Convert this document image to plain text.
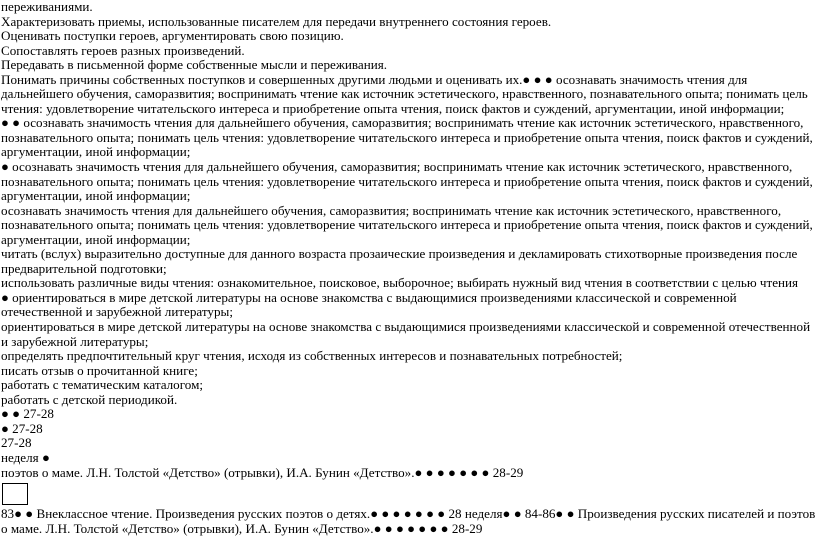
переживаниями.

Характеризовать приемы, использованные писателем для передачи внутреннего состояния героев.

Оценивать поступки героев, аргументировать свою позицию.

Сопоставлять героев разных произведений.

Передавать в письменной форме собственные мысли и переживания.

Понимать причины собственных поступков и совершенных другими людьми и оценивать их.● ● ● осознавать значимость чтения для дальнейшего обучения, саморазвития; воспринимать чтение как источник эстетического, нравственного, познавательного опыта; понимать цель чтения: удовлетворение читательского интереса и приобретение опыта чтения, поиск фактов и суждений, аргументации, иной информации;

● ● осознавать значимость чтения для дальнейшего обучения, саморазвития; воспринимать чтение как источник эстетического, нравственного, познавательного опыта; понимать цель чтения: удовлетворение читательского интереса и приобретение опыта чтения, поиск фактов и суждений, аргументации, иной информации;

● осознавать значимость чтения для дальнейшего обучения, саморазвития; воспринимать чтение как источник эстетического, нравственного, познавательного опыта; понимать цель чтения: удовлетворение читательского интереса и приобретение опыта чтения, поиск фактов и суждений, аргументации, иной информации;

осознавать значимость чтения для дальнейшего обучения, саморазвития; воспринимать чтение как источник эстетического, нравственного, познавательного опыта; понимать цель чтения: удовлетворение читательского интереса и приобретение опыта чтения, поиск фактов и суждений, аргументации, иной информации;

читать (вслух) выразительно доступные для данного возраста прозаические произведения и декламировать стихотворные произведения после предварительной подготовки;

использовать различные виды чтения: ознакомительное, поисковое, выборочное; выбирать нужный вид чтения в соответствии с целью чтения

● ориентироваться в мире детской литературы на основе знакомства с выдающимися произведениями классической и современной отечественной и зарубежной литературы;

ориентироваться в мире детской литературы на основе знакомства с выдающимися произведениями классической и современной отечественной и зарубежной литературы;

определять предпочтительный круг чтения, исходя из собственных интересов и познавательных потребностей;

писать отзыв о прочитанной книге;

работать с тематическим каталогом;

работать с детской периодикой.

● ● 27-28

● 27-28

27-28

неделя ●

поэтов о маме. Л.Н. Толстой «Детство» (отрывки), И.А. Бунин «Детство».● ● ● ● ● ● ● 28-29

83● ● Внеклассное чтение. Произведения русских поэтов о детях.● ● ● ● ● ● ● 28 неделя● ● 84-86● ● Произведения русских писателей и поэтов о маме. Л.Н. Толстой «Детство» (отрывки), И.А. Бунин «Детство».● ● ● ● ● ● ● 28-29
